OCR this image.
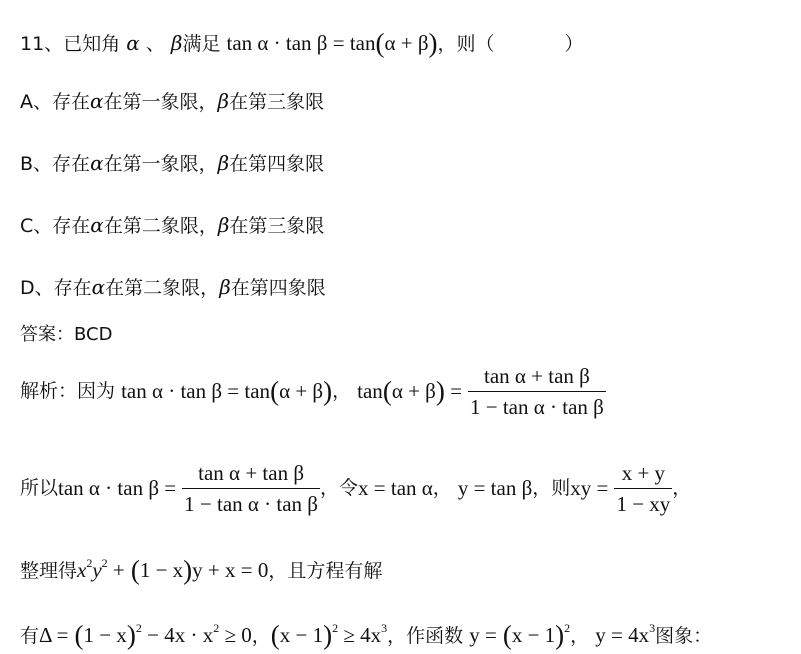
11、已知角 α 、 β满足 tan α · tan β = tan(α + β)，则（	）
A、存在α在第一象限，β在第三象限
B、存在α在第一象限，β在第四象限
C、存在α在第二象限，β在第三象限
D、存在α在第二象限，β在第四象限
答案：BCD
解析：因为 tan α · tan β = tan(α + β)， $\tan(\alpha + \beta) = \frac{\text{tan α + tan β}}{\text{1 − tan α · tan β}}$
所以$\tan \alpha \cdot \tan \beta = \frac{\text{tan α + tan β}}{\text{1 − tan α · tan β}}$ ，令x = tan α， y = tan β，则xy = $\frac{x + y}{1 - xy}$ ，
整理得$x^2y^2 + (1 - x)y + x = 0$，且方程有解
有$\Delta = (1 - x)^2 - 4x \cdot x^2 \ge 0$，$(x - 1)^2 \ge 4x^3$，作函数 $y = (x - 1)^2$， $y = 4x^3$图象：
